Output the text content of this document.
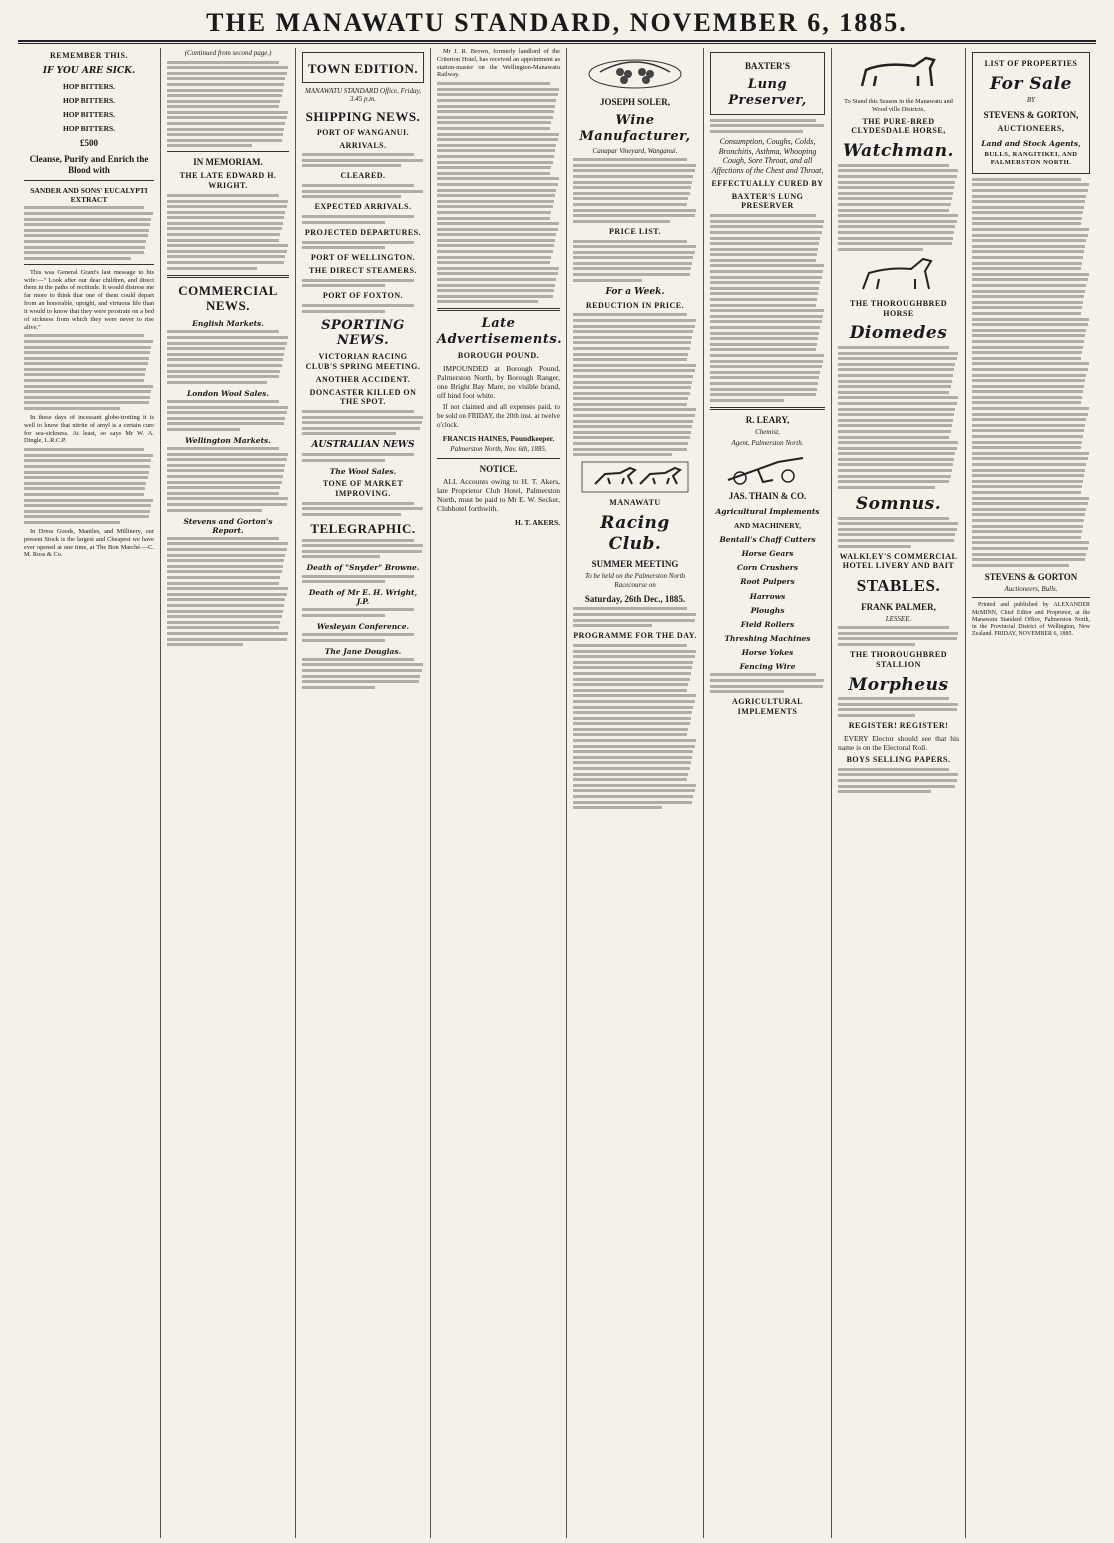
THE MANAWATU STANDARD, NOVEMBER 6, 1885.
REMEMBER THIS.
IF YOU ARE SICK.
HOP BITTERS.
HOP BITTERS.
HOP BITTERS.
HOP BITTERS.
£500
Cleanse, Purify and Enrich the Blood with
SANDER AND SONS' EUCALYPTI EXTRACT

This was General Grant's last message to his wife:—" Look after our dear children, and direct them in the paths of rectitude. It would distress me far more to think that one of them could depart from an honorable, upright, and virtuous life than it would to know that they were prostrate on a bed of sickness from which they were never to rise alive."

In these days of incessant globe-trotting it is well to know that nitrite of amyl is a certain cure for sea-sickness. At least, so says Mr W. A. Dingle, L.R.C.P.

In Dress Goods, Mantles, and Millinery, our present Stock is the largest and Cheapest we have ever opened at one time, at The Bon Marché.—C. M. Ross & Co.

(Continued from second page.)
IN MEMORIAM.
THE LATE EDWARD H. WRIGHT.
COMMERCIAL NEWS.
English Markets.
London Wool Sales.
Wellington Markets.
Stevens and Gorton's Report.
TOWN EDITION.
MANAWATU STANDARD Office, Friday, 3.45 p.m.
SHIPPING NEWS.
PORT OF WANGANUI.
ARRIVALS.
CLEARED.
EXPECTED ARRIVALS.
PROJECTED DEPARTURES.
PORT OF WELLINGTON.
THE DIRECT STEAMERS.
PORT OF FOXTON.
SPORTING NEWS.
VICTORIAN RACING CLUB'S SPRING MEETING.
ANOTHER ACCIDENT.
DONCASTER KILLED ON THE SPOT.
AUSTRALIAN NEWS
The Wool Sales.
TONE OF MARKET IMPROVING.
TELEGRAPHIC.
Death of "Snyder" Browne.
Death of Mr E. H. Wright, J.P.
Wesleyan Conference.
The Jane Douglas.

Mr J. R. Brown, formerly landlord of the Criterion Hotel, has received an appointment as station-master on the Wellington-Manawatu Railway.

Late Advertisements.
BOROUGH POUND.

IMPOUNDED at Borough Pound, Palmerston North, by Borough Ranger, one Bright Bay Mare, no visible brand, off hind foot white.

If not claimed and all expenses paid, to be sold on FRIDAY, the 20th inst. at twelve o'clock.

FRANCIS HAINES, Poundkeeper.
Palmerston North, Nov. 6th, 1885.
NOTICE.

ALL Accounts owing to H. T. Akers, late Proprietor Club Hotel, Palmerston North, must be paid to Mr E. W. Secker, Clubhotel forthwith.

H. T. AKERS.
JOSEPH SOLER,
Wine Manufacturer,
Canapar Vineyard, Wanganui.
PRICE LIST.
For a Week.
REDUCTION IN PRICE.
MANAWATU
Racing Club.
SUMMER MEETING
To be held on the Palmerston North Racecourse on
Saturday, 26th Dec., 1885.
PROGRAMME FOR THE DAY.
BAXTER'S
Lung Preserver,

Consumption, Coughs, Colds, Bronchitis, Asthma, Whooping Cough, Sore Throat, and all Affections of the Chest and Throat,

EFFECTUALLY CURED BY
BAXTER'S LUNG PRESERVER
R. LEARY,
Chemist,
Agent, Palmerston North.
JAS. THAIN & CO.
Agricultural Implements
AND MACHINERY,
Bentall's Chaff Cutters
Horse Gears
Corn Crushers
Root Pulpers
Harrows
Ploughs
Field Rollers
Threshing Machines
Horse Yokes
Fencing Wire
AGRICULTURAL IMPLEMENTS

To Stand this Season in the Manawatu and Wood ville Districts,

THE PURE-BRED CLYDESDALE HORSE,
Watchman.
THE THOROUGHBRED HORSE
Diomedes
Somnus.
WALKLEY'S COMMERCIAL HOTEL LIVERY AND BAIT
STABLES.
FRANK PALMER,
LESSEE.
THE THOROUGHBRED STALLION
Morpheus
REGISTER! REGISTER!

EVERY Elector should see that his name is on the Electoral Roll.

BOYS SELLING PAPERS.
LIST OF PROPERTIES
For Sale
BY
STEVENS & GORTON,
AUCTIONEERS,
Land and Stock Agents,
BULLS, RANGITIKEI, AND PALMERSTON NORTH.
STEVENS & GORTON
Auctioneers, Bulls.

Printed and published by ALEXANDER McMINN, Chief Editor and Proprietor, at the Manawatu Standard Office, Palmerston North, in the Provincial District of Wellington, New Zealand. FRIDAY, NOVEMBER 6, 1885.
